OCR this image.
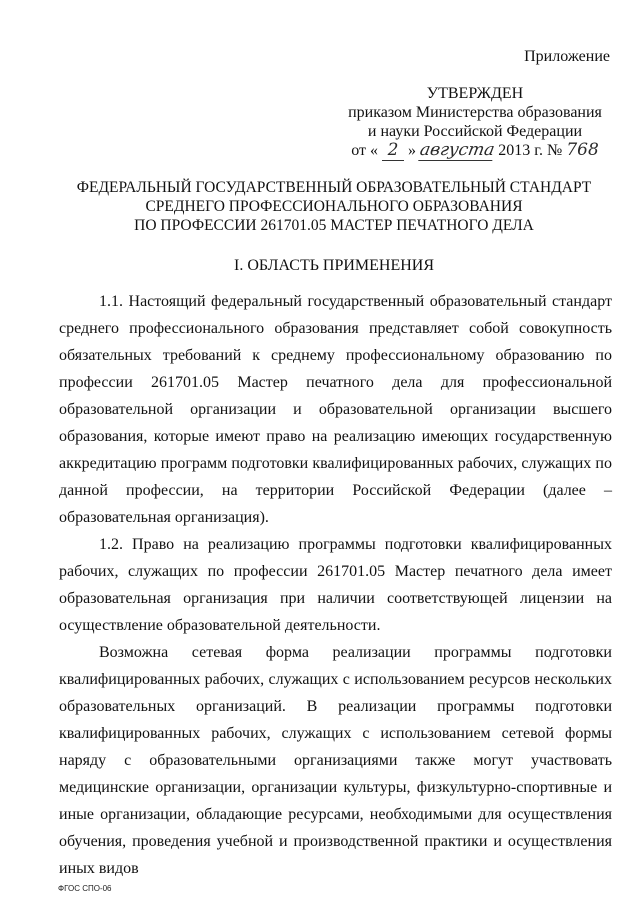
Приложение
УТВЕРЖДЕН
приказом Министерства образования
и науки Российской Федерации
от « 2 » августа 2013 г. № 768
ФЕДЕРАЛЬНЫЙ ГОСУДАРСТВЕННЫЙ ОБРАЗОВАТЕЛЬНЫЙ СТАНДАРТ
СРЕДНЕГО ПРОФЕССИОНАЛЬНОГО ОБРАЗОВАНИЯ
ПО ПРОФЕССИИ 261701.05 МАСТЕР ПЕЧАТНОГО ДЕЛА
I. ОБЛАСТЬ ПРИМЕНЕНИЯ

1.1. Настоящий федеральный государственный образовательный стандарт среднего профессионального образования представляет собой совокупность обязательных требований к среднему профессиональному образованию по профессии 261701.05 Мастер печатного дела для профессиональной образовательной организации и образовательной организации высшего образования, которые имеют право на реализацию имеющих государственную аккредитацию программ подготовки квалифицированных рабочих, служащих по данной профессии, на территории Российской Федерации (далее – образовательная организация).

1.2. Право на реализацию программы подготовки квалифицированных рабочих, служащих по профессии 261701.05 Мастер печатного дела имеет образовательная организация при наличии соответствующей лицензии на осуществление образовательной деятельности.

Возможна сетевая форма реализации программы подготовки квалифицированных рабочих, служащих с использованием ресурсов нескольких образовательных организаций. В реализации программы подготовки квалифицированных рабочих, служащих с использованием сетевой формы наряду с образовательными организациями также могут участвовать медицинские организации, организации культуры, физкультурно-спортивные и иные организации, обладающие ресурсами, необходимыми для осуществления обучения, проведения учебной и производственной практики и осуществления иных видов

ФГОС СПО-06
